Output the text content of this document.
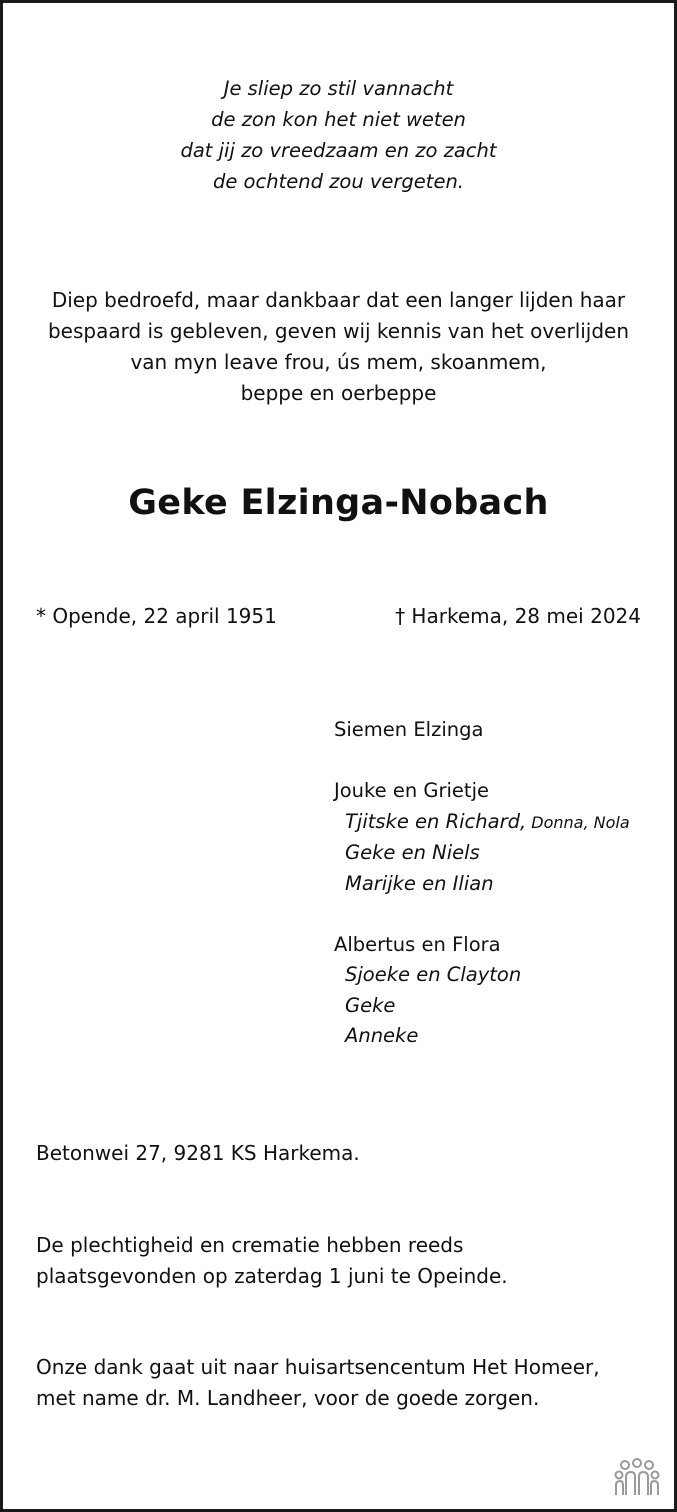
Je sliep zo stil vannacht
de zon kon het niet weten
dat jij zo vreedzaam en zo zacht
de ochtend zou vergeten.
Diep bedroefd, maar dankbaar dat een langer lijden haar
bespaard is gebleven, geven wij kennis van het overlijden
van myn leave frou, ús mem, skoanmem,
beppe en oerbeppe
Geke Elzinga-Nobach
* Opende, 22 april 1951	† Harkema, 28 mei 2024
Siemen Elzinga
Jouke en Grietje
Tjitske en Richard, Donna, Nola
Geke en Niels
Marijke en Ilian
Albertus en Flora
Sjoeke en Clayton
Geke
Anneke
Betonwei 27, 9281 KS Harkema.
De plechtigheid en crematie hebben reeds
plaatsgevonden op zaterdag 1 juni te Opeinde.
Onze dank gaat uit naar huisartsencentum Het Homeer,
met name dr. M. Landheer, voor de goede zorgen.
